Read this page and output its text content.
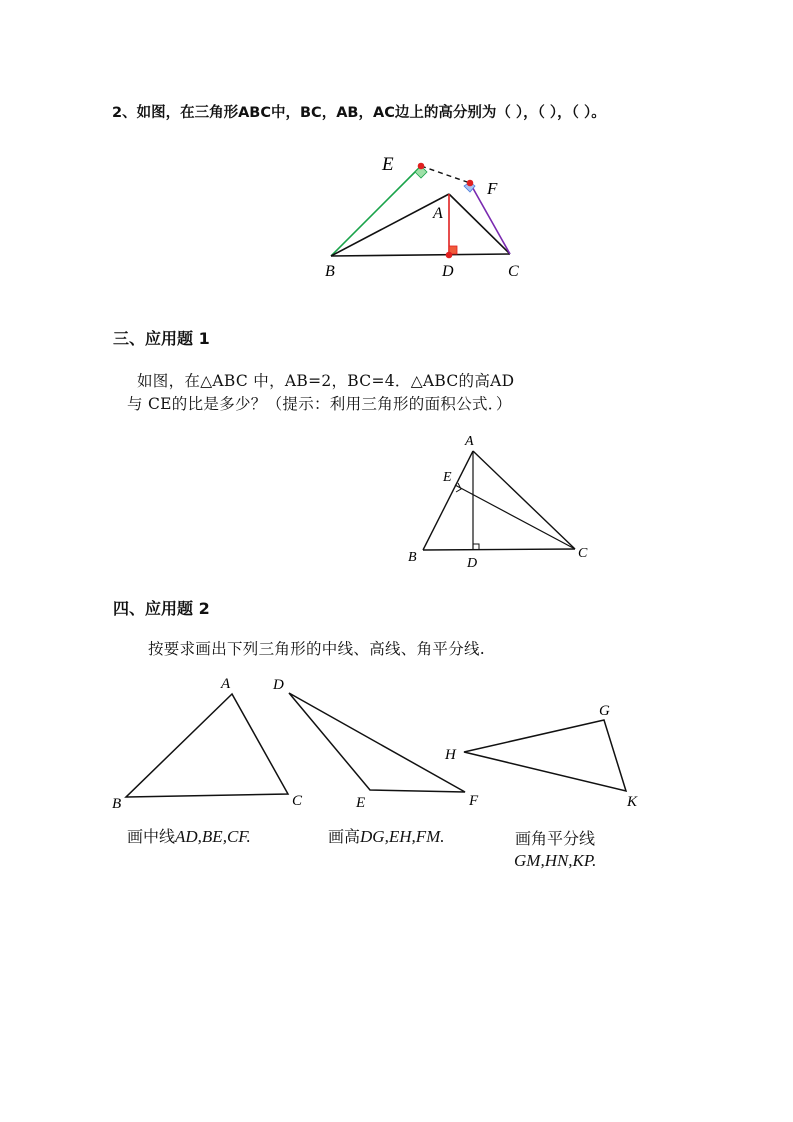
2、如图，在三角形ABC中，BC，AB，AC边上的高分别为（ ），（ ），（ ）。
E
F
A
B	D	C
A
E
B	D
C
A
B	C
D
E	F
G
H
K
三、应用题 1
如图，在△ABC 中，AB=2，BC=4．△ABC的高AD
与 CE的比是多少？（提示：利用三角形的面积公式．）
四、应用题 2
按要求画出下列三角形的中线、高线、角平分线.
画中线AD,BE,CF.	画高DG,EH,FM.	画角平分线
GM,HN,KP.
